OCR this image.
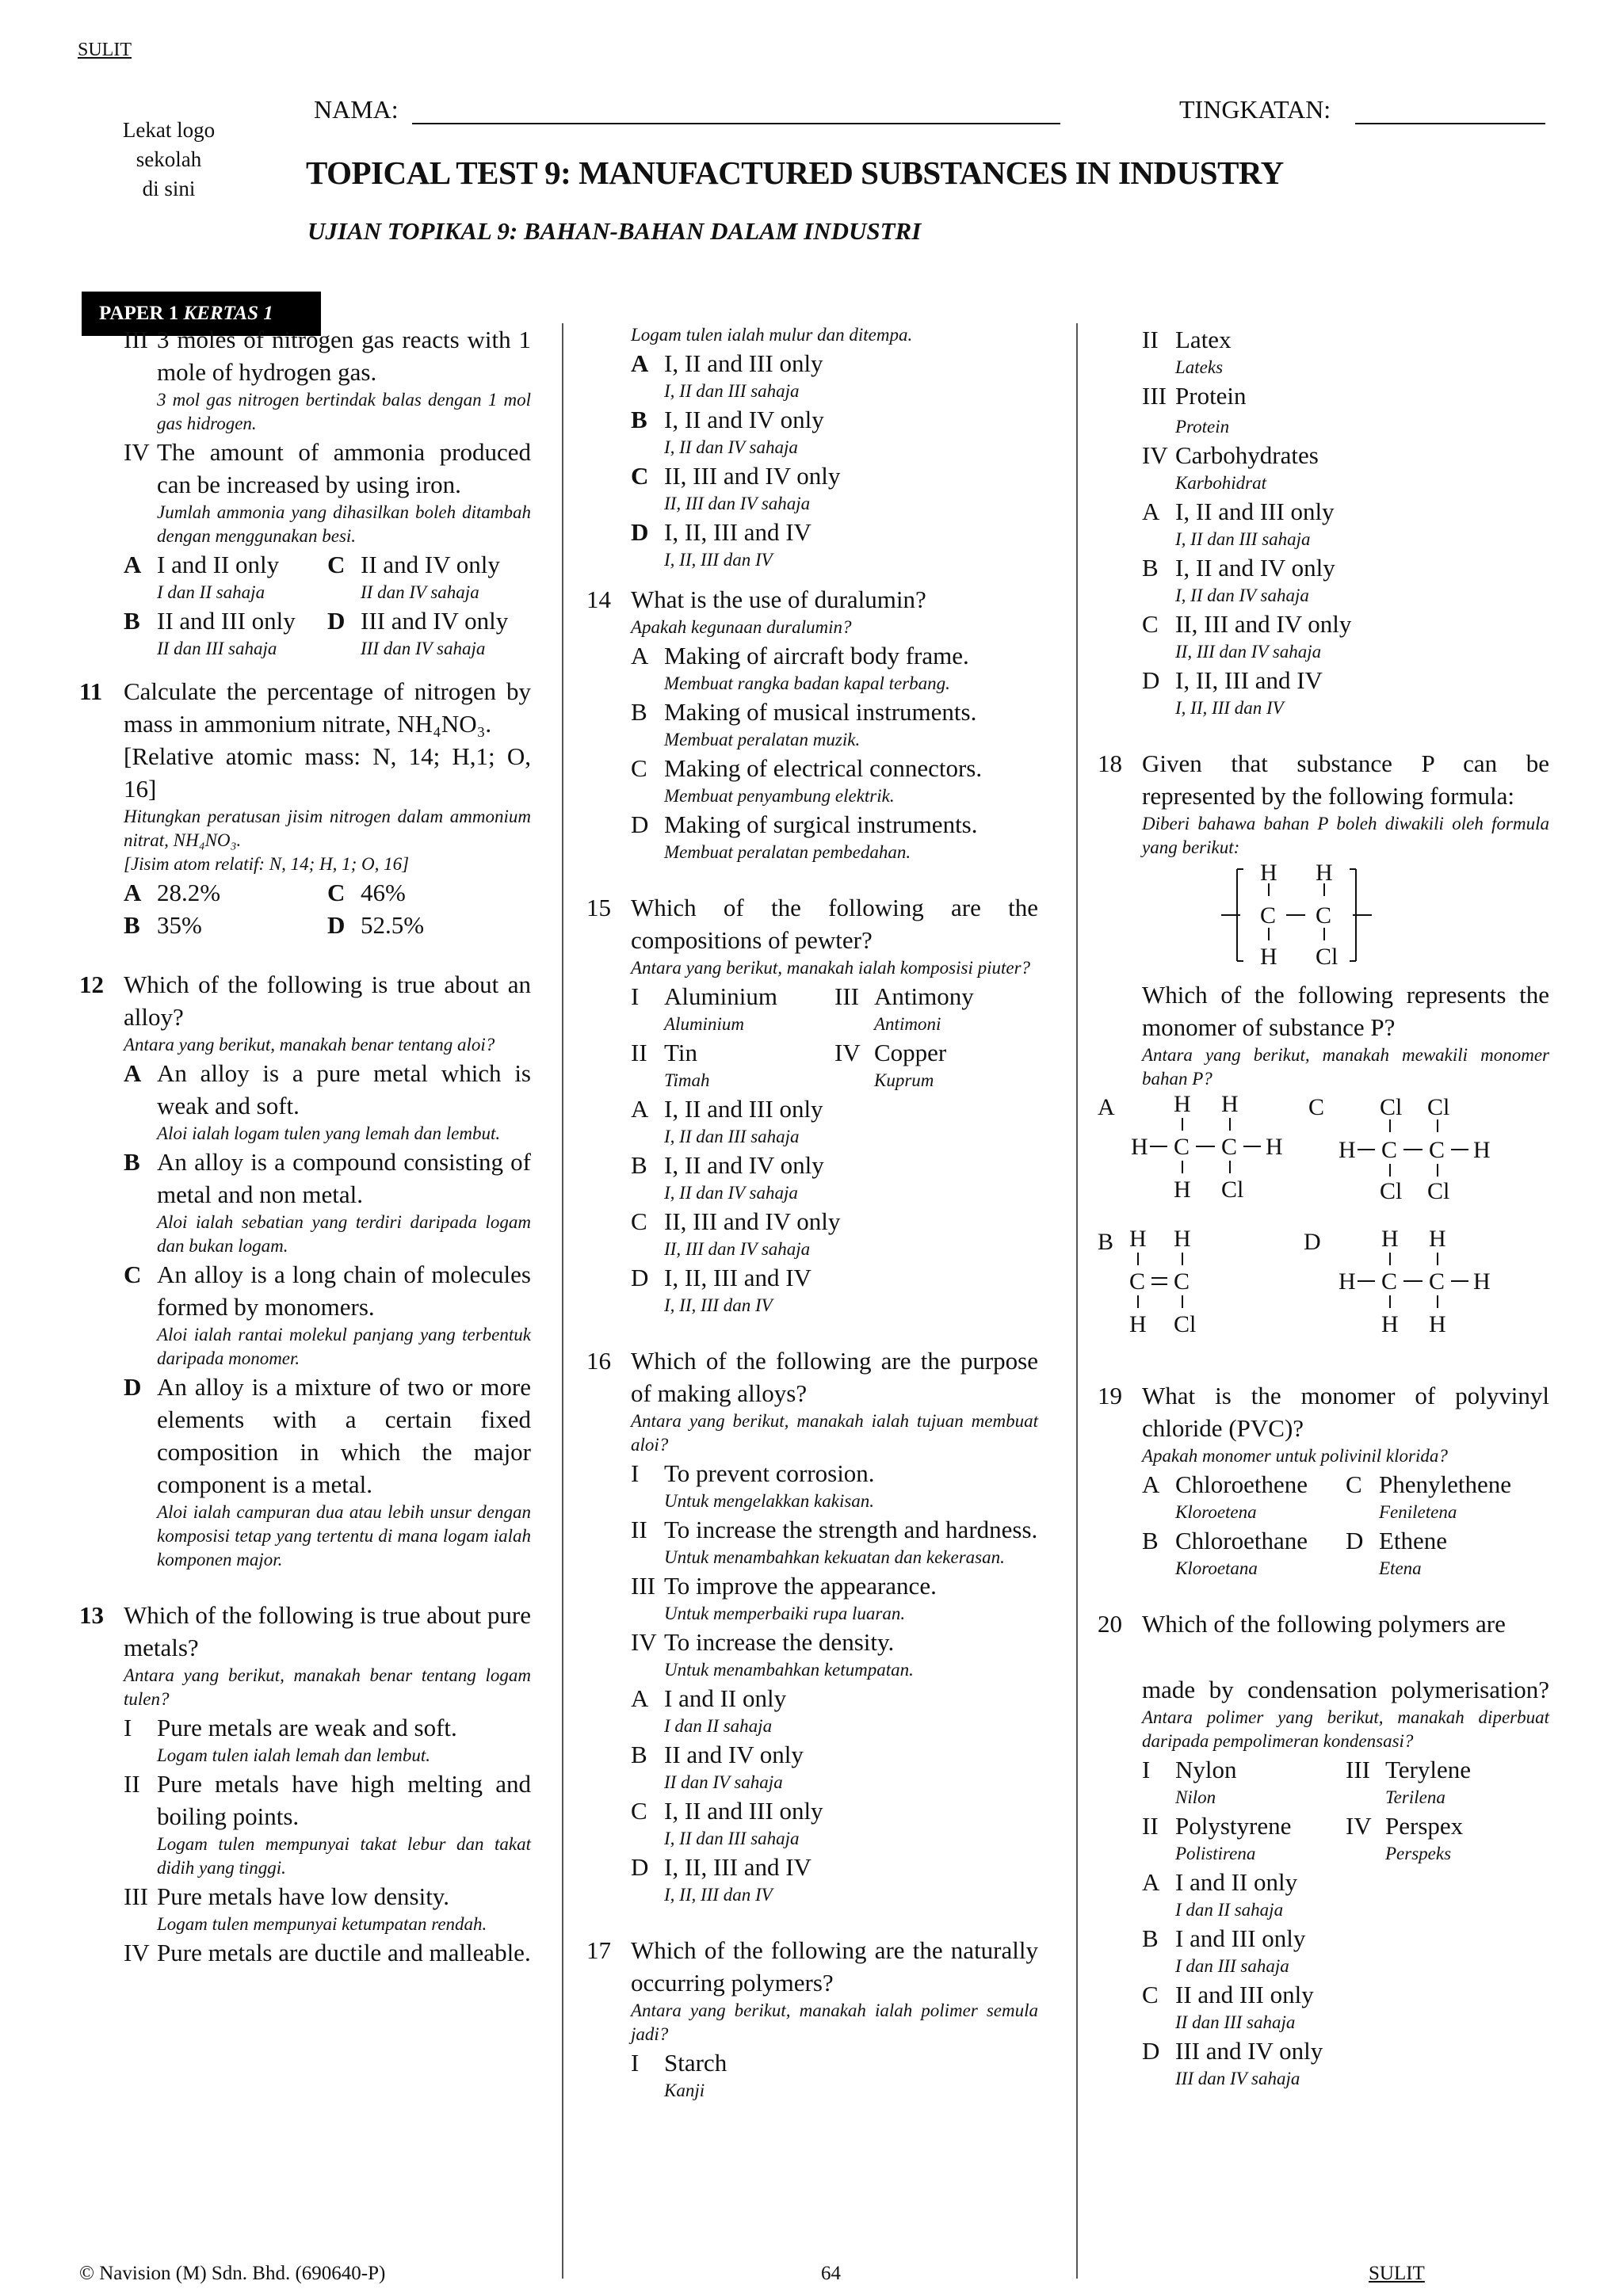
SULIT
Lekat logo
sekolah
di sini
NAMA:	TINGKATAN:
TOPICAL TEST 9: MANUFACTURED SUBSTANCES IN INDUSTRY
UJIAN TOPIKAL 9: BAHAN-BAHAN DALAM INDUSTRI
PAPER 1 KERTAS 1
III 3 moles of nitrogen gas reacts with 1 mole of hydrogen gas.
3 mol gas nitrogen bertindak balas dengan 1 mol gas hidrogen.
IV The amount of ammonia produced can be increased by using iron.
Jumlah ammonia yang dihasilkan boleh ditambah dengan menggunakan besi.
A I and II only
I dan II sahaja
C II and IV only
II dan IV sahaja
B II and III only
II dan III sahaja
D III and IV only
III dan IV sahaja
11 Calculate the percentage of nitrogen by mass in ammonium nitrate, NH₄NO₃.
[Relative atomic mass: N, 14; H,1; O, 16]
Hitungkan peratusan jisim nitrogen dalam ammonium nitrat, NH₄NO₃.
[Jisim atom relatif: N, 14; H, 1; O, 16]
A 28.2%	C 46%
B 35%	D 52.5%
12 Which of the following is true about an alloy?
Antara yang berikut, manakah benar tentang aloi?
A An alloy is a pure metal which is weak and soft.
Aloi ialah logam tulen yang lemah dan lembut.
B An alloy is a compound consisting of metal and non metal.
Aloi ialah sebatian yang terdiri daripada logam dan bukan logam.
C An alloy is a long chain of molecules formed by monomers.
Aloi ialah rantai molekul panjang yang terbentuk daripada monomer.
D An alloy is a mixture of two or more elements with a certain fixed composition in which the major component is a metal.
Aloi ialah campuran dua atau lebih unsur dengan komposisi tetap yang tertentu di mana logam ialah komponen major.
13 Which of the following is true about pure metals?
Antara yang berikut, manakah benar tentang logam tulen?
I Pure metals are weak and soft.
Logam tulen ialah lemah dan lembut.
II Pure metals have high melting and boiling points.
Logam tulen mempunyai takat lebur dan takat didih yang tinggi.
III Pure metals have low density.
Logam tulen mempunyai ketumpatan rendah.
IV Pure metals are ductile and malleable.
Logam tulen ialah mulur dan ditempa.
A I, II and III only
I, II dan III sahaja
B I, II and IV only
I, II dan IV sahaja
C II, III and IV only
II, III dan IV sahaja
D I, II, III and IV
I, II, III dan IV
14 What is the use of duralumin?
Apakah kegunaan duralumin?
A Making of aircraft body frame.
Membuat rangka badan kapal terbang.
B Making of musical instruments.
Membuat peralatan muzik.
C Making of electrical connectors.
Membuat penyambung elektrik.
D Making of surgical instruments.
Membuat peralatan pembedahan.
15 Which of the following are the compositions of pewter?
Antara yang berikut, manakah ialah komposisi piuter?
I Aluminium
Aluminium
III Antimony
Antimoni
II Tin
Timah
IV Copper
Kuprum
A I, II and III only
I, II dan III sahaja
B I, II and IV only
I, II dan IV sahaja
C II, III and IV only
II, III dan IV sahaja
D I, II, III and IV
I, II, III dan IV
16 Which of the following are the purpose of making alloys?
Antara yang berikut, manakah ialah tujuan membuat aloi?
I To prevent corrosion.
Untuk mengelakkan kakisan.
II To increase the strength and hardness.
Untuk menambahkan kekuatan dan kekerasan.
III To improve the appearance.
Untuk memperbaiki rupa luaran.
IV To increase the density.
Untuk menambahkan ketumpatan.
A I and II only
I dan II sahaja
B II and IV only
II dan IV sahaja
C I, II and III only
I, II dan III sahaja
D I, II, III and IV
I, II, III dan IV
17 Which of the following are the naturally occurring polymers?
Antara yang berikut, manakah ialah polimer semula jadi?
I Starch
Kanji
II Latex
Lateks
III Protein
Protein
IV Carbohydrates
Karbohidrat
A I, II and III only
I, II dan III sahaja
B I, II and IV only
I, II dan IV sahaja
C II, III and IV only
II, III dan IV sahaja
D I, II, III and IV
I, II, III dan IV
18 Given that substance P can be represented by the following formula:
Diberi bahawa bahan P boleh diwakili oleh formula yang berikut:
H H
C C
H Cl
Which of the following represents the monomer of substance P?
Antara yang berikut, manakah mewakili monomer bahan P?
A H H
H C C H
H Cl
C Cl Cl
H C C H
Cl Cl
B H H
C C
H Cl
D	H H
H C C H
H H
19 What is the monomer of polyvinyl chloride (PVC)?
Apakah monomer untuk polivinil klorida?
A Chloroethene
Kloroetena
C Phenylethene
Feniletena
B Chloroethane
Kloroetana
D Ethene
Etena
20 Which of the following polymers are
made by condensation polymerisation?
Antara polimer yang berikut, manakah diperbuat daripada pempolimeran kondensasi?
I Nylon
Nilon
III Terylene
Terilena
II Polystyrene
Polistirena
IV Perspex
Perspeks
A I and II only
I dan II sahaja
B I and III only
I dan III sahaja
C II and III only
II dan III sahaja
D III and IV only
III dan IV sahaja
© Navision (M) Sdn. Bhd. (690640-P)	64	SULIT
